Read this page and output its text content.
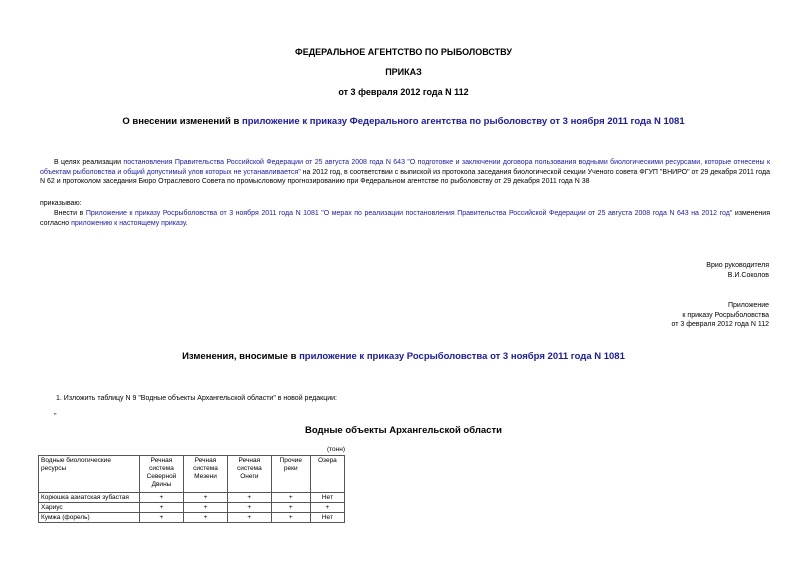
ФЕДЕРАЛЬНОЕ АГЕНТСТВО ПО РЫБОЛОВСТВУ
ПРИКАЗ
от 3 февраля 2012 года N 112
О внесении изменений в приложение к приказу Федерального агентства по рыболовству от 3 ноября 2011 года N 1081
В целях реализации постановления Правительства Российской Федерации от 25 августа 2008 года N 643 "О подготовке и заключении договора пользования водными биологическими ресурсами, которые отнесены к объектам рыболовства и общий допустимый улов которых не устанавливается" на 2012 год, в соответствии с выпиской из протокола заседания биологической секции Ученого совета ФГУП "ВНИРО" от 29 декабря 2011 года N 62 и протоколом заседания Бюро Отраслевого Совета по промысловому прогнозированию при Федеральном агентстве по рыболовству от 29 декабря 2011 года N 38
приказываю:
Внести в Приложение к приказу Росрыболовства от 3 ноября 2011 года N 1081 "О мерах по реализации постановления Правительства Российской Федерации от 25 августа 2008 года N 643 на 2012 год" изменения согласно приложению к настоящему приказу.
Врио руководителя
В.И.Соколов
Приложение
к приказу Росрыболовства
от 3 февраля 2012 года N 112
Изменения, вносимые в приложение к приказу Росрыболовства от 3 ноября 2011 года N 1081
1. Изложить таблицу N 9 "Водные объекты Архангельской области" в новой редакции:
"
Водные объекты Архангельской области
(тонн)
Водные биологические ресурсы	Речная система Северной Двины	Речная система Мезени	Речная система Онеги	Прочие реки	Озера
Корюшка азиатская зубастая	+	+	+	+	Нет
Хариус	+	+	+	+	+
Кумжа (форель)	+	+	+	+	Нет
